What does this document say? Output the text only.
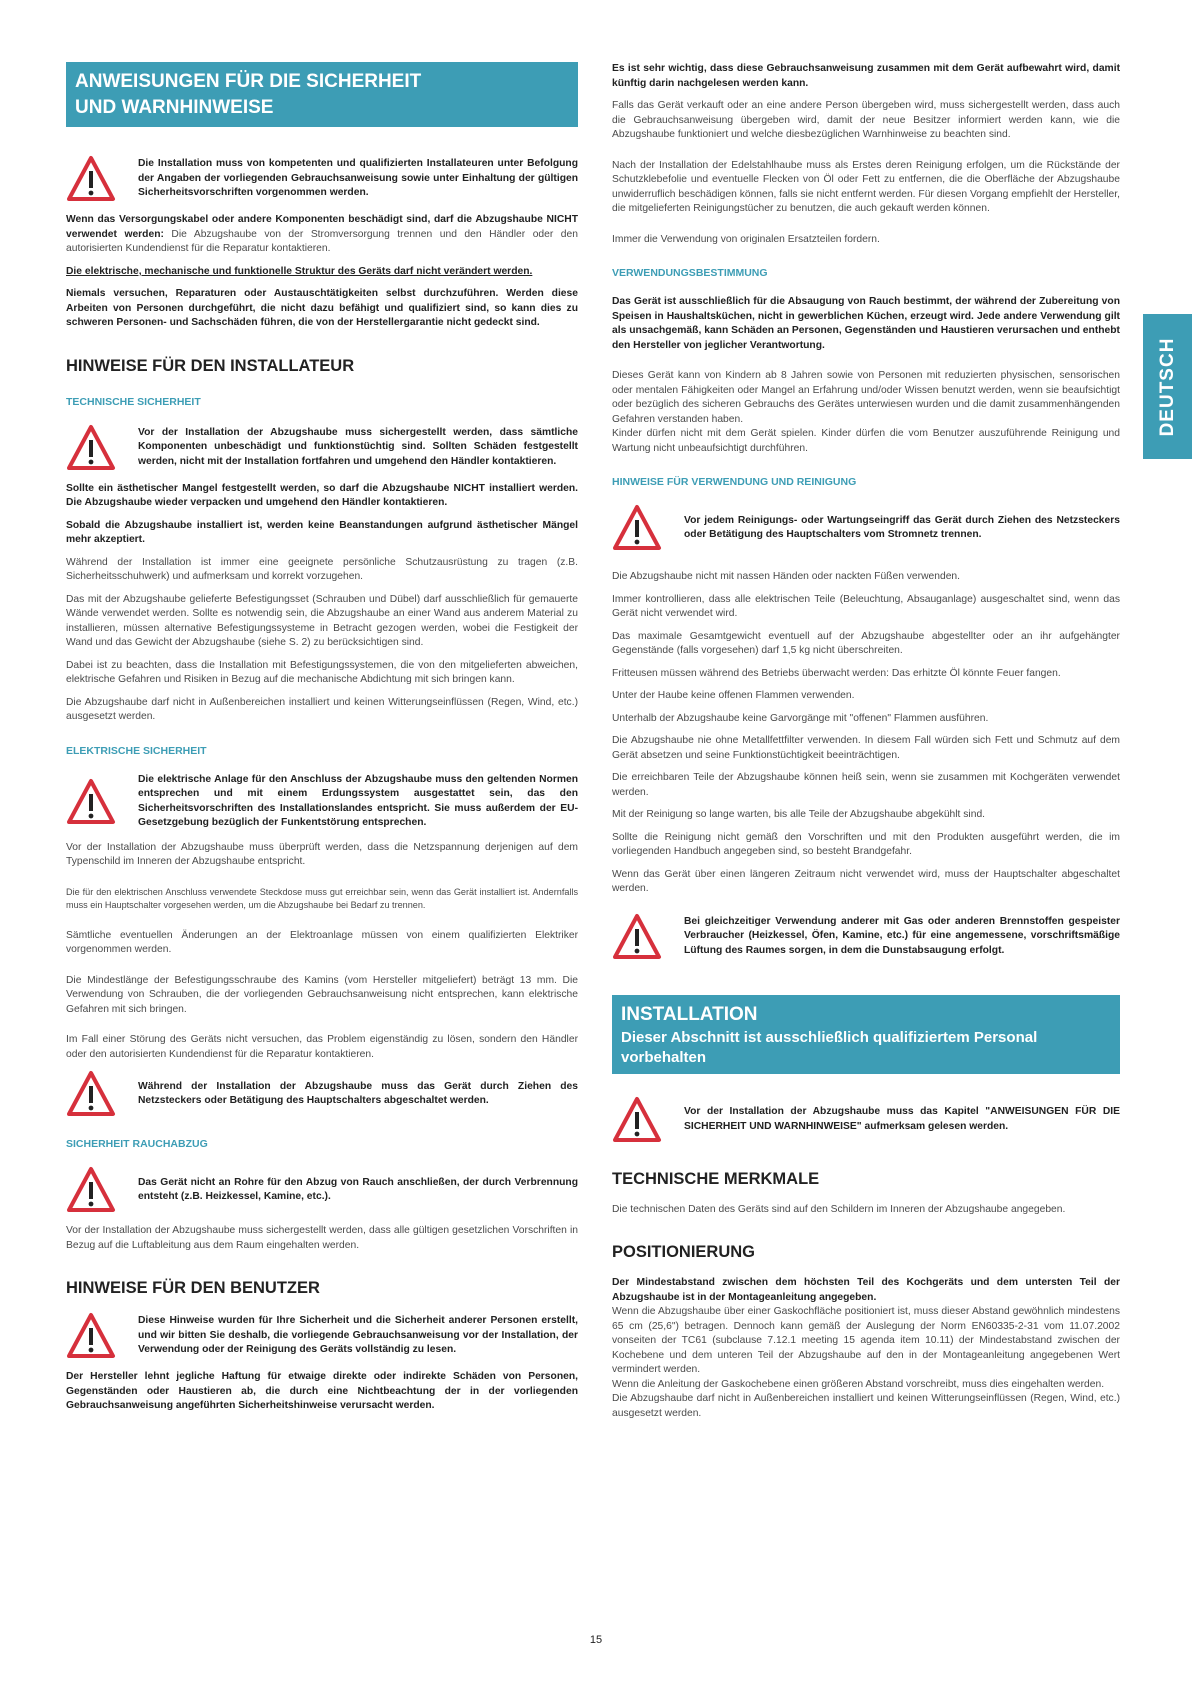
ANWEISUNGEN FÜR DIE SICHERHEIT
UND WARNHINWEISE

Die Installation muss von kompetenten und qualifizierten Installateuren unter Befolgung der Angaben der vorliegenden Gebrauchsanweisung sowie unter Einhaltung der gültigen Sicherheitsvorschriften vorgenommen werden.

Wenn das Versorgungskabel oder andere Komponenten beschädigt sind, darf die Abzugshaube NICHT verwendet werden: Die Abzugshaube von der Stromversorgung trennen und den Händler oder den autorisierten Kundendienst für die Reparatur kontaktieren.

Die elektrische, mechanische und funktionelle Struktur des Geräts darf nicht verändert werden.

Niemals versuchen, Reparaturen oder Austauschtätigkeiten selbst durchzuführen. Werden diese Arbeiten von Personen durchgeführt, die nicht dazu befähigt und qualifiziert sind, so kann dies zu schweren Personen- und Sachschäden führen, die von der Herstellergarantie nicht gedeckt sind.

HINWEISE FÜR DEN INSTALLATEUR
TECHNISCHE SICHERHEIT

Vor der Installation der Abzugshaube muss sichergestellt werden, dass sämtliche Komponenten unbeschädigt und funktionstüchtig sind. Sollten Schäden festgestellt werden, nicht mit der Installation fortfahren und umgehend den Händler kontaktieren.

Sollte ein ästhetischer Mangel festgestellt werden, so darf die Abzugshaube NICHT installiert werden. Die Abzugshaube wieder verpacken und umgehend den Händler kontaktieren.

Sobald die Abzugshaube installiert ist, werden keine Beanstandungen aufgrund ästhetischer Mängel mehr akzeptiert.

Während der Installation ist immer eine geeignete persönliche Schutzausrüstung zu tragen (z.B. Sicherheitsschuhwerk) und aufmerksam und korrekt vorzugehen.

Das mit der Abzugshaube gelieferte Befestigungsset (Schrauben und Dübel) darf ausschließlich für gemauerte Wände verwendet werden. Sollte es notwendig sein, die Abzugshaube an einer Wand aus anderem Material zu installieren, müssen alternative Befestigungssysteme in Betracht gezogen werden, wobei die Festigkeit der Wand und das Gewicht der Abzugshaube (siehe S. 2) zu berücksichtigen sind.

Dabei ist zu beachten, dass die Installation mit Befestigungssystemen, die von den mitgelieferten abweichen, elektrische Gefahren und Risiken in Bezug auf die mechanische Abdichtung mit sich bringen kann.

Die Abzugshaube darf nicht in Außenbereichen installiert und keinen Witterungseinflüssen (Regen, Wind, etc.) ausgesetzt werden.

ELEKTRISCHE SICHERHEIT

Die elektrische Anlage für den Anschluss der Abzugshaube muss den geltenden Normen entsprechen und mit einem Erdungssystem ausgestattet sein, das den Sicherheitsvorschriften des Installationslandes entspricht. Sie muss außerdem der EU-Gesetzgebung bezüglich der Funkentstörung entsprechen.

Vor der Installation der Abzugshaube muss überprüft werden, dass die Netzspannung derjenigen auf dem Typenschild im Inneren der Abzugshaube entspricht.

Die für den elektrischen Anschluss verwendete Steckdose muss gut erreichbar sein, wenn das Gerät installiert ist. Andernfalls muss ein Hauptschalter vorgesehen werden, um die Abzugshaube bei Bedarf zu trennen.

Sämtliche eventuellen Änderungen an der Elektroanlage müssen von einem qualifizierten Elektriker vorgenommen werden.

Die Mindestlänge der Befestigungsschraube des Kamins (vom Hersteller mitgeliefert) beträgt 13 mm. Die Verwendung von Schrauben, die der vorliegenden Gebrauchsanweisung nicht entsprechen, kann elektrische Gefahren mit sich bringen.

Im Fall einer Störung des Geräts nicht versuchen, das Problem eigenständig zu lösen, sondern den Händler oder den autorisierten Kundendienst für die Reparatur kontaktieren.

Während der Installation der Abzugshaube muss das Gerät durch Ziehen des Netzsteckers oder Betätigung des Hauptschalters abgeschaltet werden.

SICHERHEIT RAUCHABZUG

Das Gerät nicht an Rohre für den Abzug von Rauch anschließen, der durch Verbrennung entsteht (z.B. Heizkessel, Kamine, etc.).

Vor der Installation der Abzugshaube muss sichergestellt werden, dass alle gültigen gesetzlichen Vorschriften in Bezug auf die Luftableitung aus dem Raum eingehalten werden.

HINWEISE FÜR DEN BENUTZER

Diese Hinweise wurden für Ihre Sicherheit und die Sicherheit anderer Personen erstellt, und wir bitten Sie deshalb, die vorliegende Gebrauchsanweisung vor der Installation, der Verwendung oder der Reinigung des Geräts vollständig zu lesen.

Der Hersteller lehnt jegliche Haftung für etwaige direkte oder indirekte Schäden von Personen, Gegenständen oder Haustieren ab, die durch eine Nichtbeachtung der in der vorliegenden Gebrauchsanweisung angeführten Sicherheitshinweise verursacht werden.

Es ist sehr wichtig, dass diese Gebrauchsanweisung zusammen mit dem Gerät aufbewahrt wird, damit künftig darin nachgelesen werden kann.

Falls das Gerät verkauft oder an eine andere Person übergeben wird, muss sichergestellt werden, dass auch die Gebrauchsanweisung übergeben wird, damit der neue Besitzer informiert werden kann, wie die Abzugshaube funktioniert und welche diesbezüglichen Warnhinweise zu beachten sind.

Nach der Installation der Edelstahlhaube muss als Erstes deren Reinigung erfolgen, um die Rückstände der Schutzklebefolie und eventuelle Flecken von Öl oder Fett zu entfernen, die die Oberfläche der Abzugshaube unwiderruflich beschädigen können, falls sie nicht entfernt werden. Für diesen Vorgang empfiehlt der Hersteller, die mitgelieferten Reinigungstücher zu benutzen, die auch gekauft werden können.

Immer die Verwendung von originalen Ersatzteilen fordern.

VERWENDUNGSBESTIMMUNG

Das Gerät ist ausschließlich für die Absaugung von Rauch bestimmt, der während der Zubereitung von Speisen in Haushaltsküchen, nicht in gewerblichen Küchen, erzeugt wird. Jede andere Verwendung gilt als unsachgemäß, kann Schäden an Personen, Gegenständen und Haustieren verursachen und enthebt den Hersteller von jeglicher Verantwortung.

Dieses Gerät kann von Kindern ab 8 Jahren sowie von Personen mit reduzierten physischen, sensorischen oder mentalen Fähigkeiten oder Mangel an Erfahrung und/oder Wissen benutzt werden, wenn sie beaufsichtigt oder bezüglich des sicheren Gebrauchs des Gerätes unterwiesen wurden und die damit zusammenhängenden Gefahren verstanden haben.

Kinder dürfen nicht mit dem Gerät spielen. Kinder dürfen die vom Benutzer auszuführende Reinigung und Wartung nicht unbeaufsichtigt durchführen.

HINWEISE FÜR VERWENDUNG UND REINIGUNG

Vor jedem Reinigungs- oder Wartungseingriff das Gerät durch Ziehen des Netzsteckers oder Betätigung des Hauptschalters vom Stromnetz trennen.

Die Abzugshaube nicht mit nassen Händen oder nackten Füßen verwenden.

Immer kontrollieren, dass alle elektrischen Teile (Beleuchtung, Absauganlage) ausgeschaltet sind, wenn das Gerät nicht verwendet wird.

Das maximale Gesamtgewicht eventuell auf der Abzugshaube abgestellter oder an ihr aufgehängter Gegenstände (falls vorgesehen) darf 1,5 kg nicht überschreiten.

Fritteusen müssen während des Betriebs überwacht werden: Das erhitzte Öl könnte Feuer fangen.

Unter der Haube keine offenen Flammen verwenden.

Unterhalb der Abzugshaube keine Garvorgänge mit "offenen" Flammen ausführen.

Die Abzugshaube nie ohne Metallfettfilter verwenden. In diesem Fall würden sich Fett und Schmutz auf dem Gerät absetzen und seine Funktionstüchtigkeit beeinträchtigen.

Die erreichbaren Teile der Abzugshaube können heiß sein, wenn sie zusammen mit Kochgeräten verwendet werden.

Mit der Reinigung so lange warten, bis alle Teile der Abzugshaube abgekühlt sind.

Sollte die Reinigung nicht gemäß den Vorschriften und mit den Produkten ausgeführt werden, die im vorliegenden Handbuch angegeben sind, so besteht Brandgefahr.

Wenn das Gerät über einen längeren Zeitraum nicht verwendet wird, muss der Hauptschalter abgeschaltet werden.

Bei gleichzeitiger Verwendung anderer mit Gas oder anderen Brennstoffen gespeister Verbraucher (Heizkessel, Öfen, Kamine, etc.) für eine angemessene, vorschriftsmäßige Lüftung des Raumes sorgen, in dem die Dunstabsaugung erfolgt.

INSTALLATION
Dieser Abschnitt ist ausschließlich qualifiziertem Personal vorbehalten

Vor der Installation der Abzugshaube muss das Kapitel "ANWEISUNGEN FÜR DIE SICHERHEIT UND WARNHINWEISE" aufmerksam gelesen werden.

TECHNISCHE MERKMALE

Die technischen Daten des Geräts sind auf den Schildern im Inneren der Abzugshaube angegeben.

POSITIONIERUNG

Der Mindestabstand zwischen dem höchsten Teil des Kochgeräts und dem untersten Teil der Abzugshaube ist in der Montageanleitung angegeben.

Wenn die Abzugshaube über einer Gaskochfläche positioniert ist, muss dieser Abstand gewöhnlich mindestens 65 cm (25,6") betragen. Dennoch kann gemäß der Auslegung der Norm EN60335-2-31 vom 11.07.2002 vonseiten der TC61 (subclause 7.12.1 meeting 15 agenda item 10.11) der Mindestabstand zwischen der Kochebene und dem unteren Teil der Abzugshaube auf den in der Montageanleitung angegebenen Wert vermindert werden.

Wenn die Anleitung der Gaskochebene einen größeren Abstand vorschreibt, muss dies eingehalten werden.

Die Abzugshaube darf nicht in Außenbereichen installiert und keinen Witterungseinflüssen (Regen, Wind, etc.) ausgesetzt werden.

DEUTSCH
15
